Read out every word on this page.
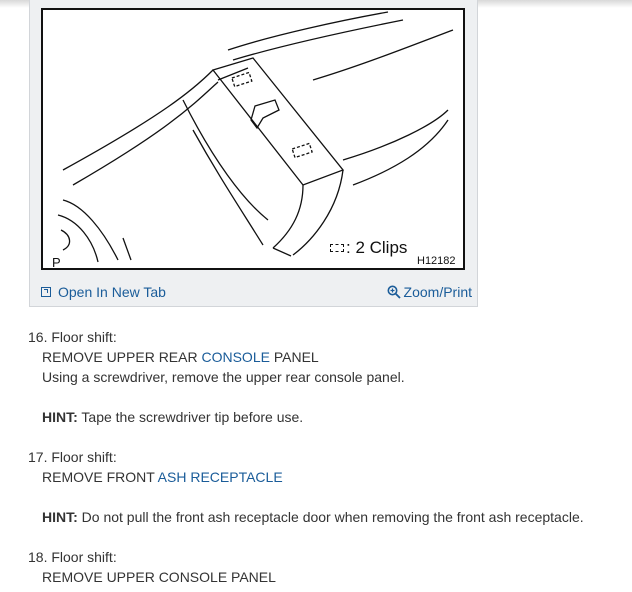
P
: 2 Clips
H12182
Open In New Tab	Zoom/Print
16. Floor shift:
REMOVE UPPER REAR CONSOLE PANEL
Using a screwdriver, remove the upper rear console panel.
HINT: Tape the screwdriver tip before use.
17. Floor shift:
REMOVE FRONT ASH RECEPTACLE
HINT: Do not pull the front ash receptacle door when removing the front ash receptacle.
18. Floor shift:
REMOVE UPPER CONSOLE PANEL
